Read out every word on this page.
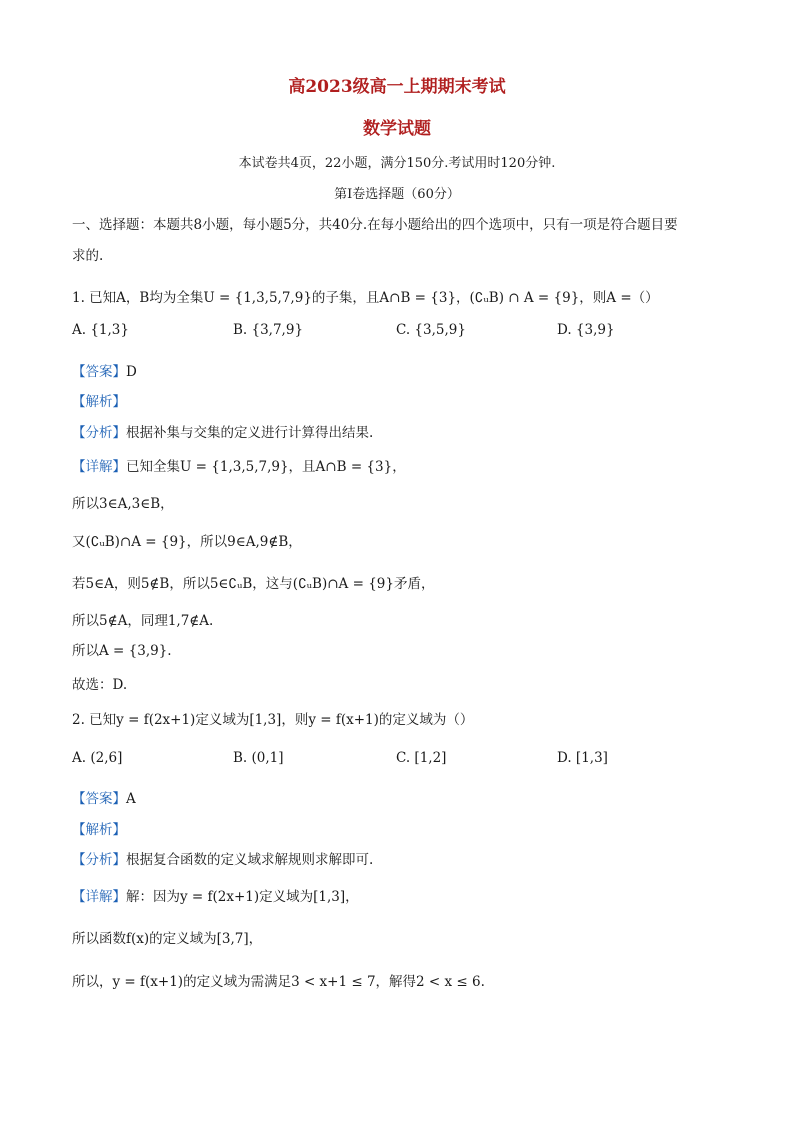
高2023级高一上期期末考试
数学试题
本试卷共4页，22小题，满分150分.考试用时120分钟.
第I卷选择题（60分）
一、选择题：本题共8小题，每小题5分，共40分.在每小题给出的四个选项中，只有一项是符合题目要
求的.
1. 已知A，B均为全集U = {1,3,5,7,9}的子集，且A∩B = {3}，(∁ᵤB) ∩ A = {9}，则A =（）
A. {1,3}	B. {3,7,9}	C. {3,5,9}	D. {3,9}
【答案】D
【解析】
【分析】根据补集与交集的定义进行计算得出结果.
【详解】已知全集U = {1,3,5,7,9}，且A∩B = {3}，
所以3∈A,3∈B，
又(∁ᵤB)∩A = {9}，所以9∈A,9∉B，
若5∈A，则5∉B，所以5∈∁ᵤB，这与(∁ᵤB)∩A = {9}矛盾，
所以5∉A，同理1,7∉A.
所以A = {3,9}.
故选：D.
2. 已知y = f(2x+1)定义域为[1,3]，则y = f(x+1)的定义域为（）
A. (2,6]	B. (0,1]	C. [1,2]	D. [1,3]
【答案】A
【解析】
【分析】根据复合函数的定义域求解规则求解即可.
【详解】解：因为y = f(2x+1)定义域为[1,3]，
所以函数f(x)的定义域为[3,7]，
所以，y = f(x+1)的定义域为需满足3 < x+1 ≤ 7，解得2 < x ≤ 6.
